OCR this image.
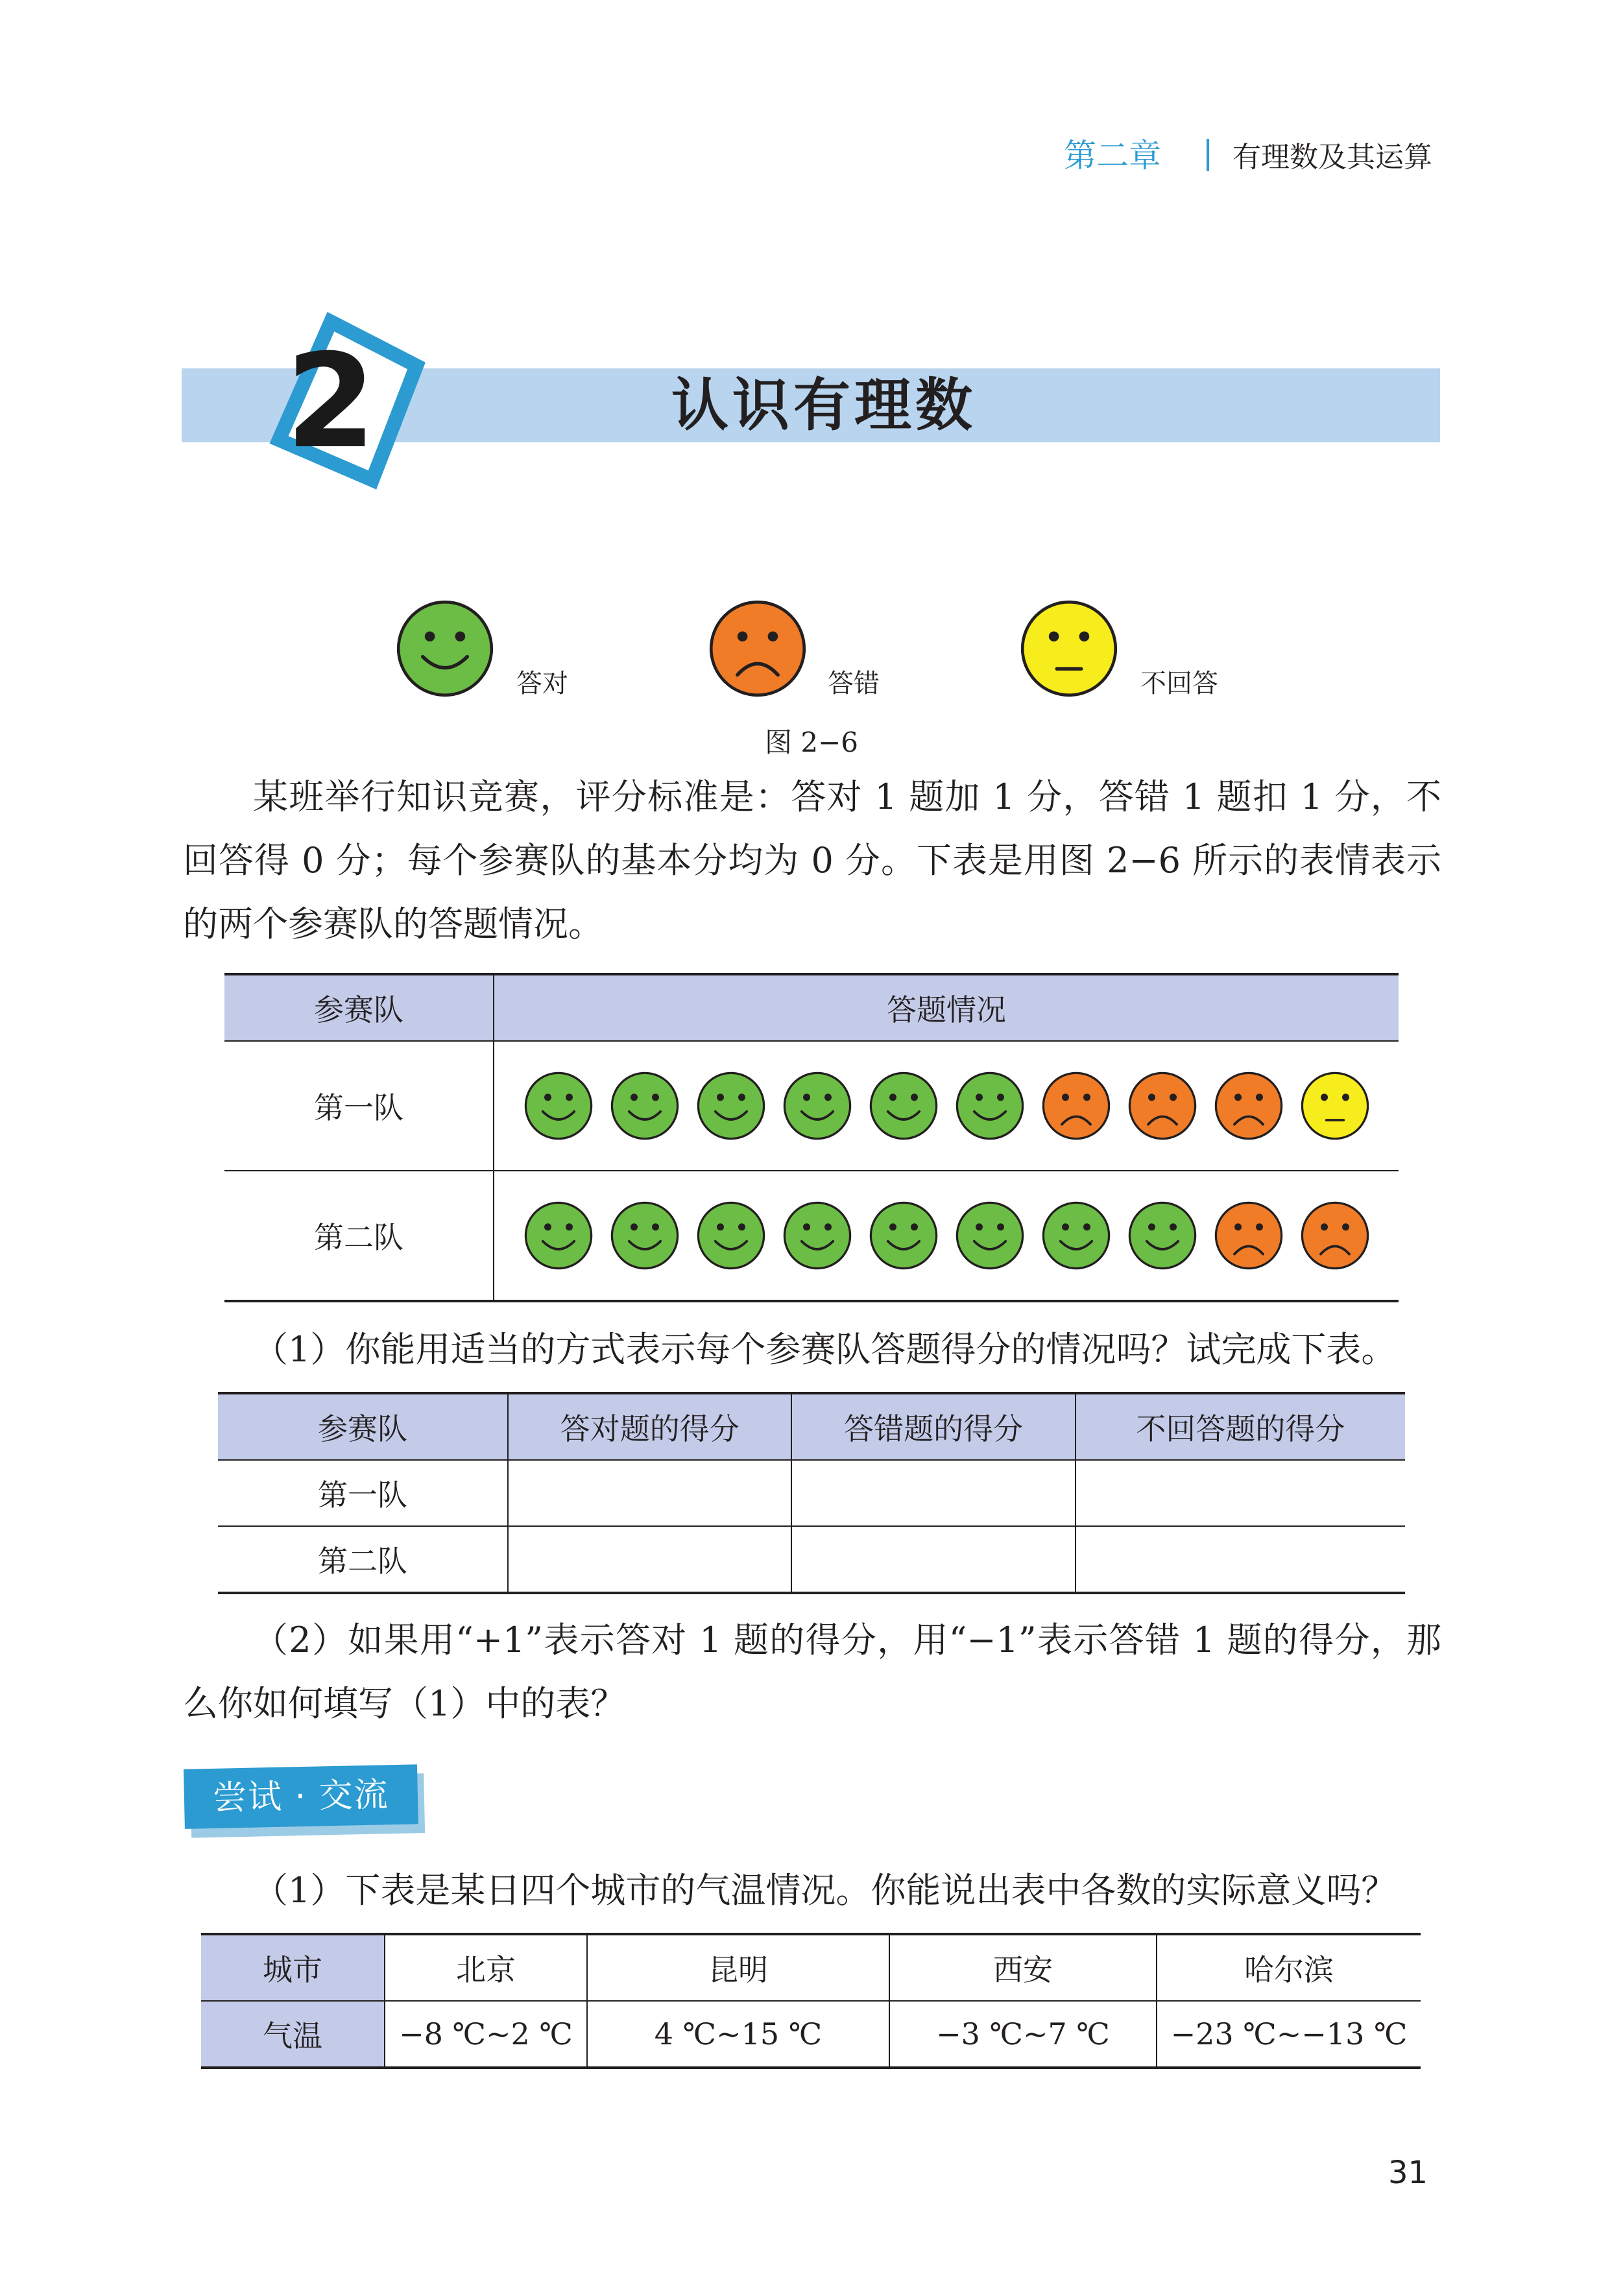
第二章	有理数及其运算
2	认识有理数
答对	答错	不回答
图 2−6
某班举行知识竞赛，评分标准是：答对 1 题加 1 分，答错 1 题扣 1 分，不回答得 0 分；每个参赛队的基本分均为 0 分。下表是用图 2−6 所示的表情表示的两个参赛队的答题情况。
参赛队	答题情况
第一队	

第二队	
（1）你能用适当的方式表示每个参赛队答题得分的情况吗？试完成下表。
参赛队	答对题的得分	答错题的得分	不回答题的得分
第一队			
第二队			
（2）如果用“+1”表示答对 1 题的得分，用“−1”表示答错 1 题的得分，那么你如何填写（1）中的表？
尝试 · 交流
（1）下表是某日四个城市的气温情况。你能说出表中各数的实际意义吗？
城市	北京	昆明	西安	哈尔滨
气温	−8 ℃~2 ℃	4 ℃~15 ℃	−3 ℃~7 ℃	−23 ℃~−13 ℃
31
